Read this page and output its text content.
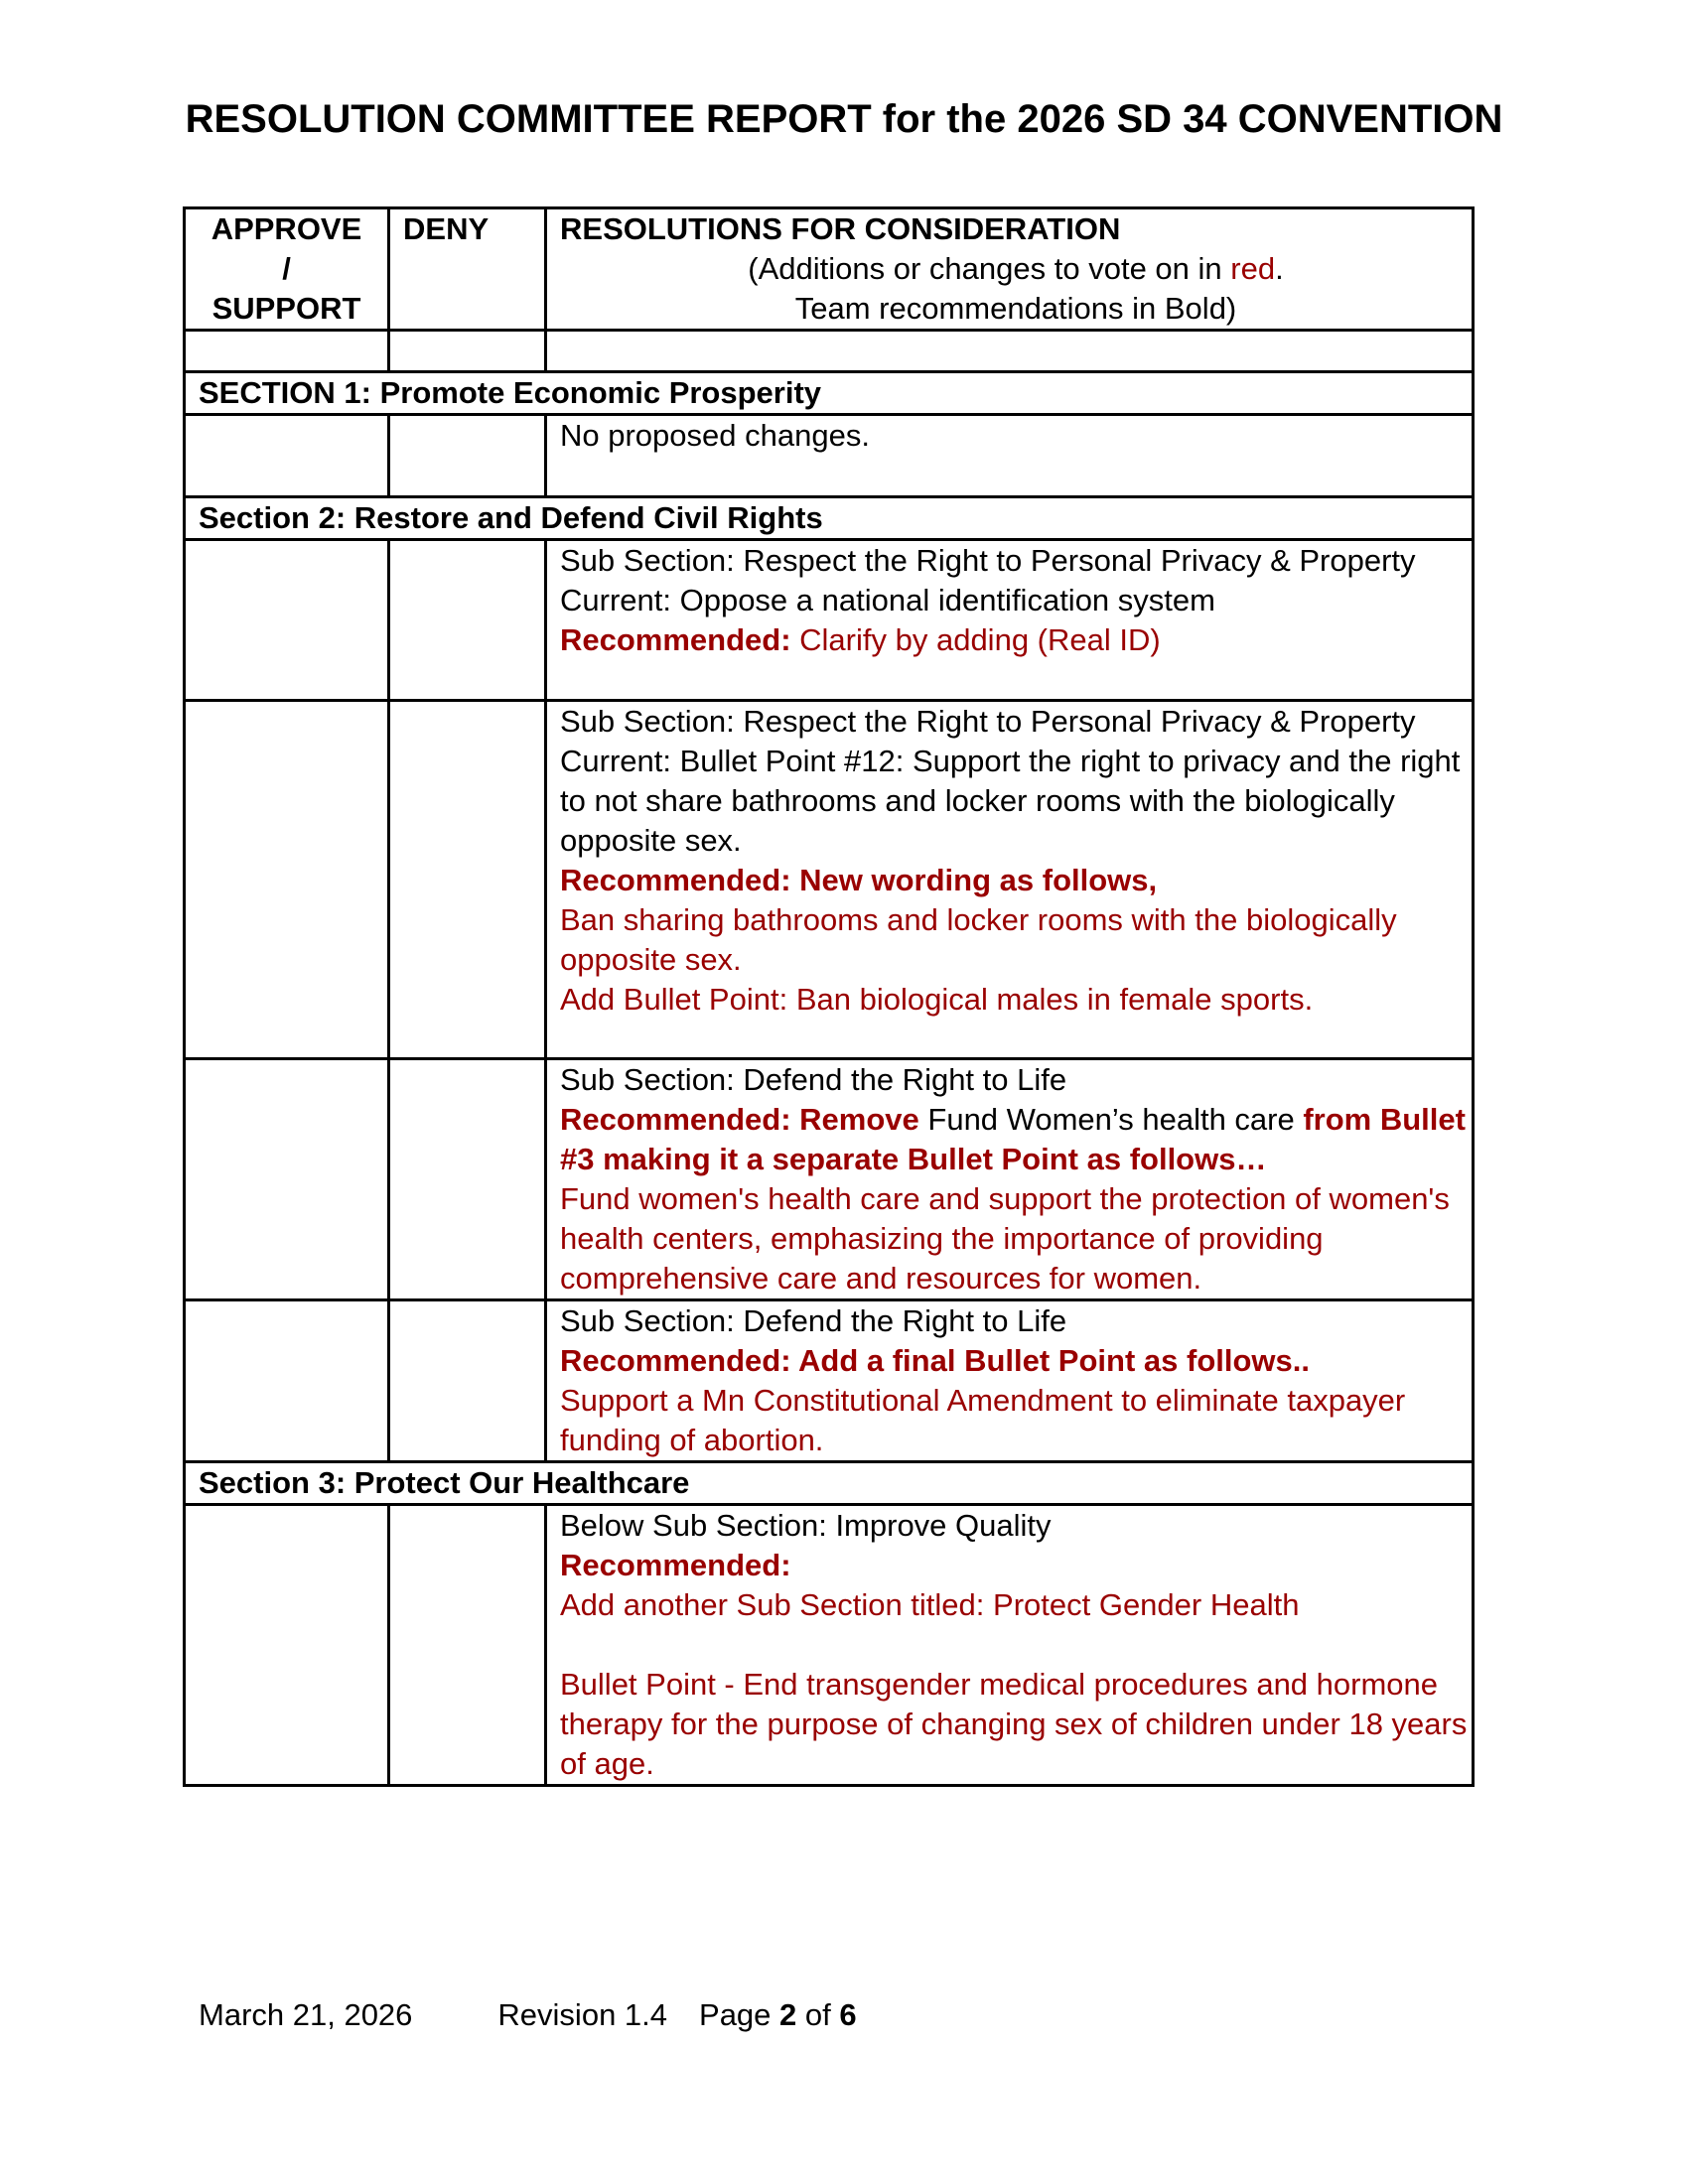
RESOLUTION COMMITTEE REPORT for the 2026 SD 34 CONVENTION
APPROVE
/
SUPPORT	DENY	RESOLUTIONS FOR CONSIDERATION
(Additions or changes to vote on in red.
Team recommendations in Bold)

SECTION 1: Promote Economic Prosperity		
		No proposed changes.
Section 2: Restore and Defend Civil Rights		

		Sub Section: Respect the Right to Personal Privacy & Property
Current: Oppose a national identification system
Recommended: Clarify by adding (Real ID)

		Sub Section: Respect the Right to Personal Privacy & Property
Current: Bullet Point #12: Support the right to privacy and the right to not share bathrooms and locker rooms with the biologically opposite sex.
Recommended: New wording as follows,
Ban sharing bathrooms and locker rooms with the biologically opposite sex.
Add Bullet Point: Ban biological males in female sports.

		Sub Section: Defend the Right to Life
Recommended: Remove Fund Women’s health care from Bullet #3 making it a separate Bullet Point as follows…
Fund women's health care and support the protection of women's health centers, emphasizing the importance of providing comprehensive care and resources for women.

		Sub Section: Defend the Right to Life
Recommended: Add a final Bullet Point as follows..
Support a Mn Constitutional Amendment to eliminate taxpayer funding of abortion.

Section 3: Protect Our Healthcare		

		Below Sub Section: Improve Quality
Recommended:
Add another Sub Section titled: Protect Gender Health
Bullet Point - End transgender medical procedures and hormone therapy for the purpose of changing sex of children under 18 years of age.
March 21, 2026	Revision 1.4 Page 2 of 6
